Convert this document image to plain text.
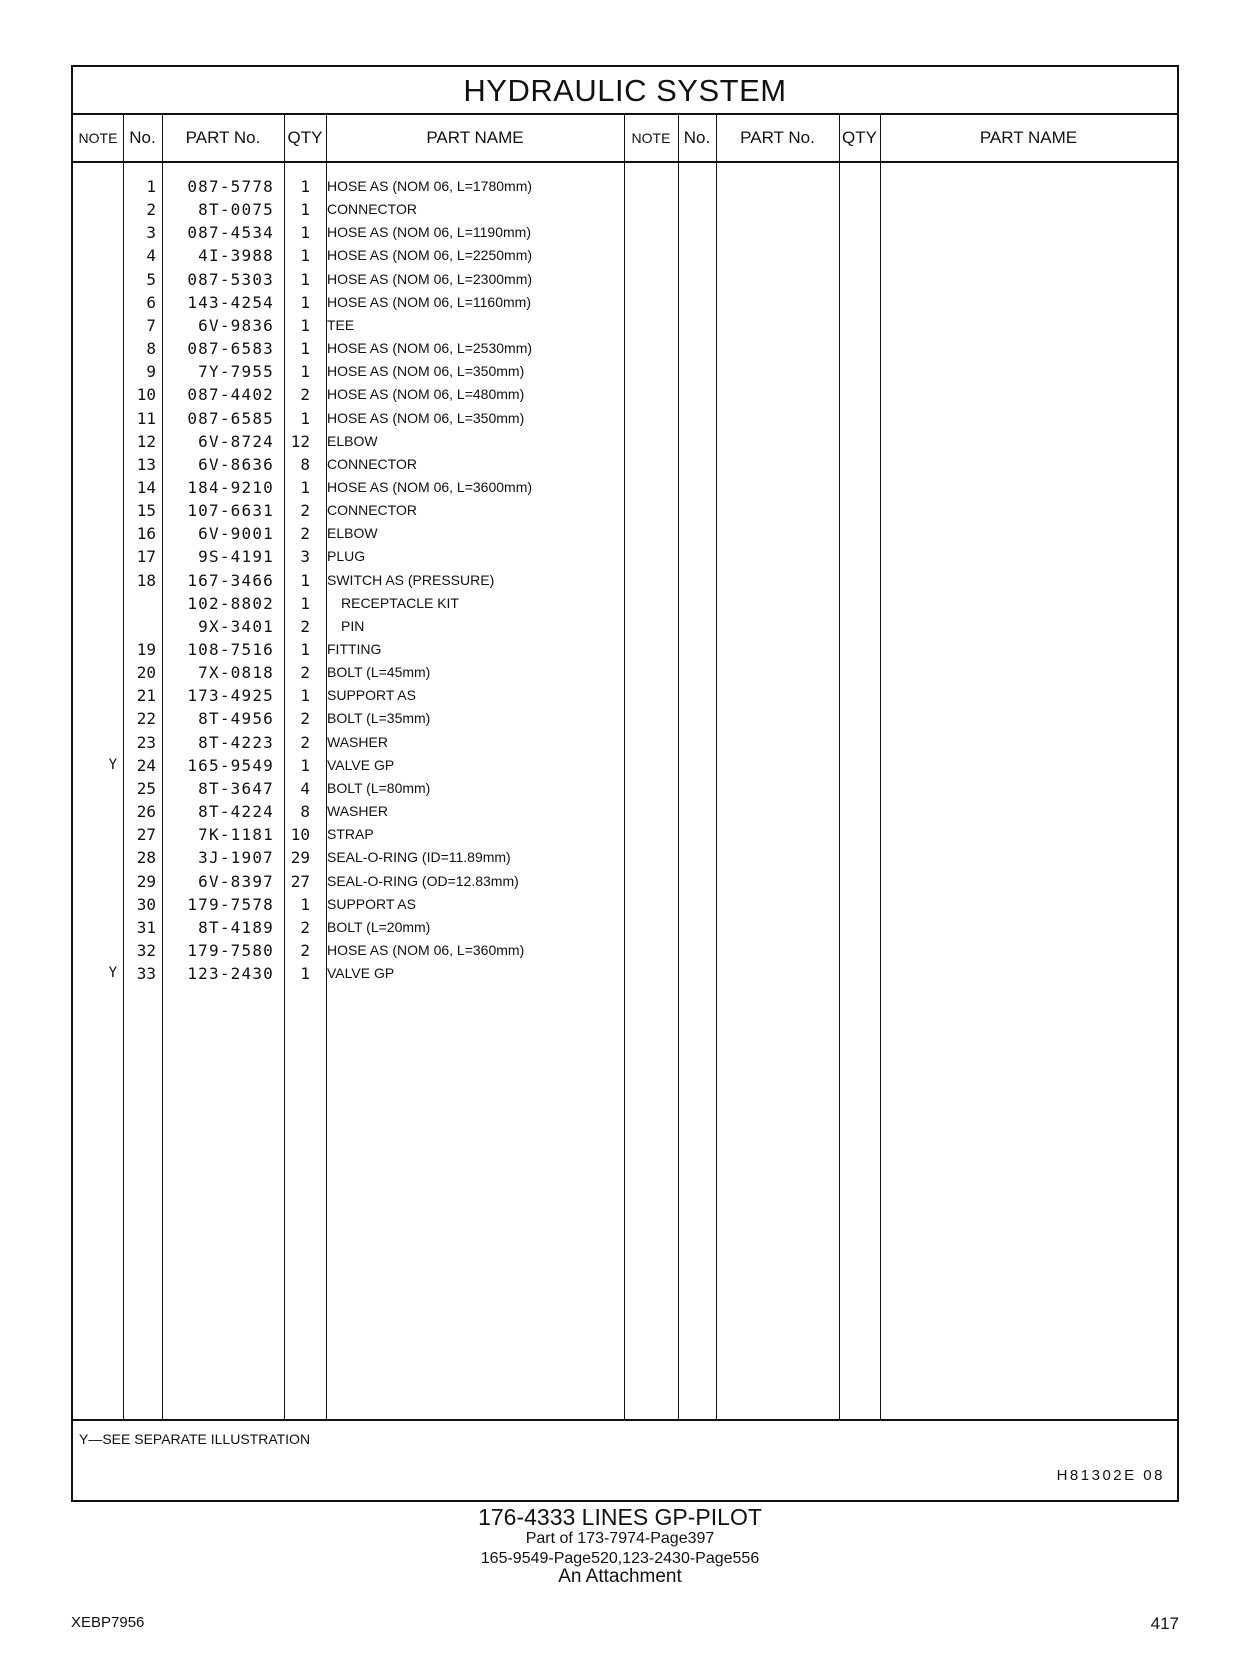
HYDRAULIC SYSTEM
NOTE No.	PART No.	QTY	PART NAME	NOTE No.	PART No.	QTY	PART NAME
1	087-5778	1 HOSE AS (NOM 06, L=1780mm)
2	8T-0075	1 CONNECTOR
3	087-4534	1 HOSE AS (NOM 06, L=1190mm)
4	4I-3988	1 HOSE AS (NOM 06, L=2250mm)
5	087-5303	1 HOSE AS (NOM 06, L=2300mm)
6	143-4254	1 HOSE AS (NOM 06, L=1160mm)
7	6V-9836	1 TEE
8	087-6583	1 HOSE AS (NOM 06, L=2530mm)
9	7Y-7955	1 HOSE AS (NOM 06, L=350mm)
10	087-4402	2 HOSE AS (NOM 06, L=480mm)
11	087-6585	1 HOSE AS (NOM 06, L=350mm)
12	6V-8724	12 ELBOW
13	6V-8636	8 CONNECTOR
14	184-9210	1 HOSE AS (NOM 06, L=3600mm)
15	107-6631	2 CONNECTOR
16	6V-9001	2 ELBOW
17	9S-4191	3 PLUG
18	167-3466	1 SWITCH AS (PRESSURE)
102-8802	1 RECEPTACLE KIT
9X-3401	2 PIN
19	108-7516	1 FITTING
20	7X-0818	2 BOLT (L=45mm)
21	173-4925	1 SUPPORT AS
22	8T-4956	2 BOLT (L=35mm)
23	8T-4223	2 WASHER
Y	24	165-9549	1 VALVE GP
25	8T-3647	4 BOLT (L=80mm)
26	8T-4224	8 WASHER
27	7K-1181	10 STRAP
28	3J-1907	29 SEAL-O-RING (ID=11.89mm)
29	6V-8397	27 SEAL-O-RING (OD=12.83mm)
30	179-7578	1 SUPPORT AS
31	8T-4189	2 BOLT (L=20mm)
32	179-7580	2 HOSE AS (NOM 06, L=360mm)
Y	33	123-2430	1 VALVE GP
Y—SEE SEPARATE ILLUSTRATION
H81302E 08
176-4333 LINES GP-PILOT
Part of 173-7974-Page397
165-9549-Page520,123-2430-Page556
An Attachment
XEBP7956	417
